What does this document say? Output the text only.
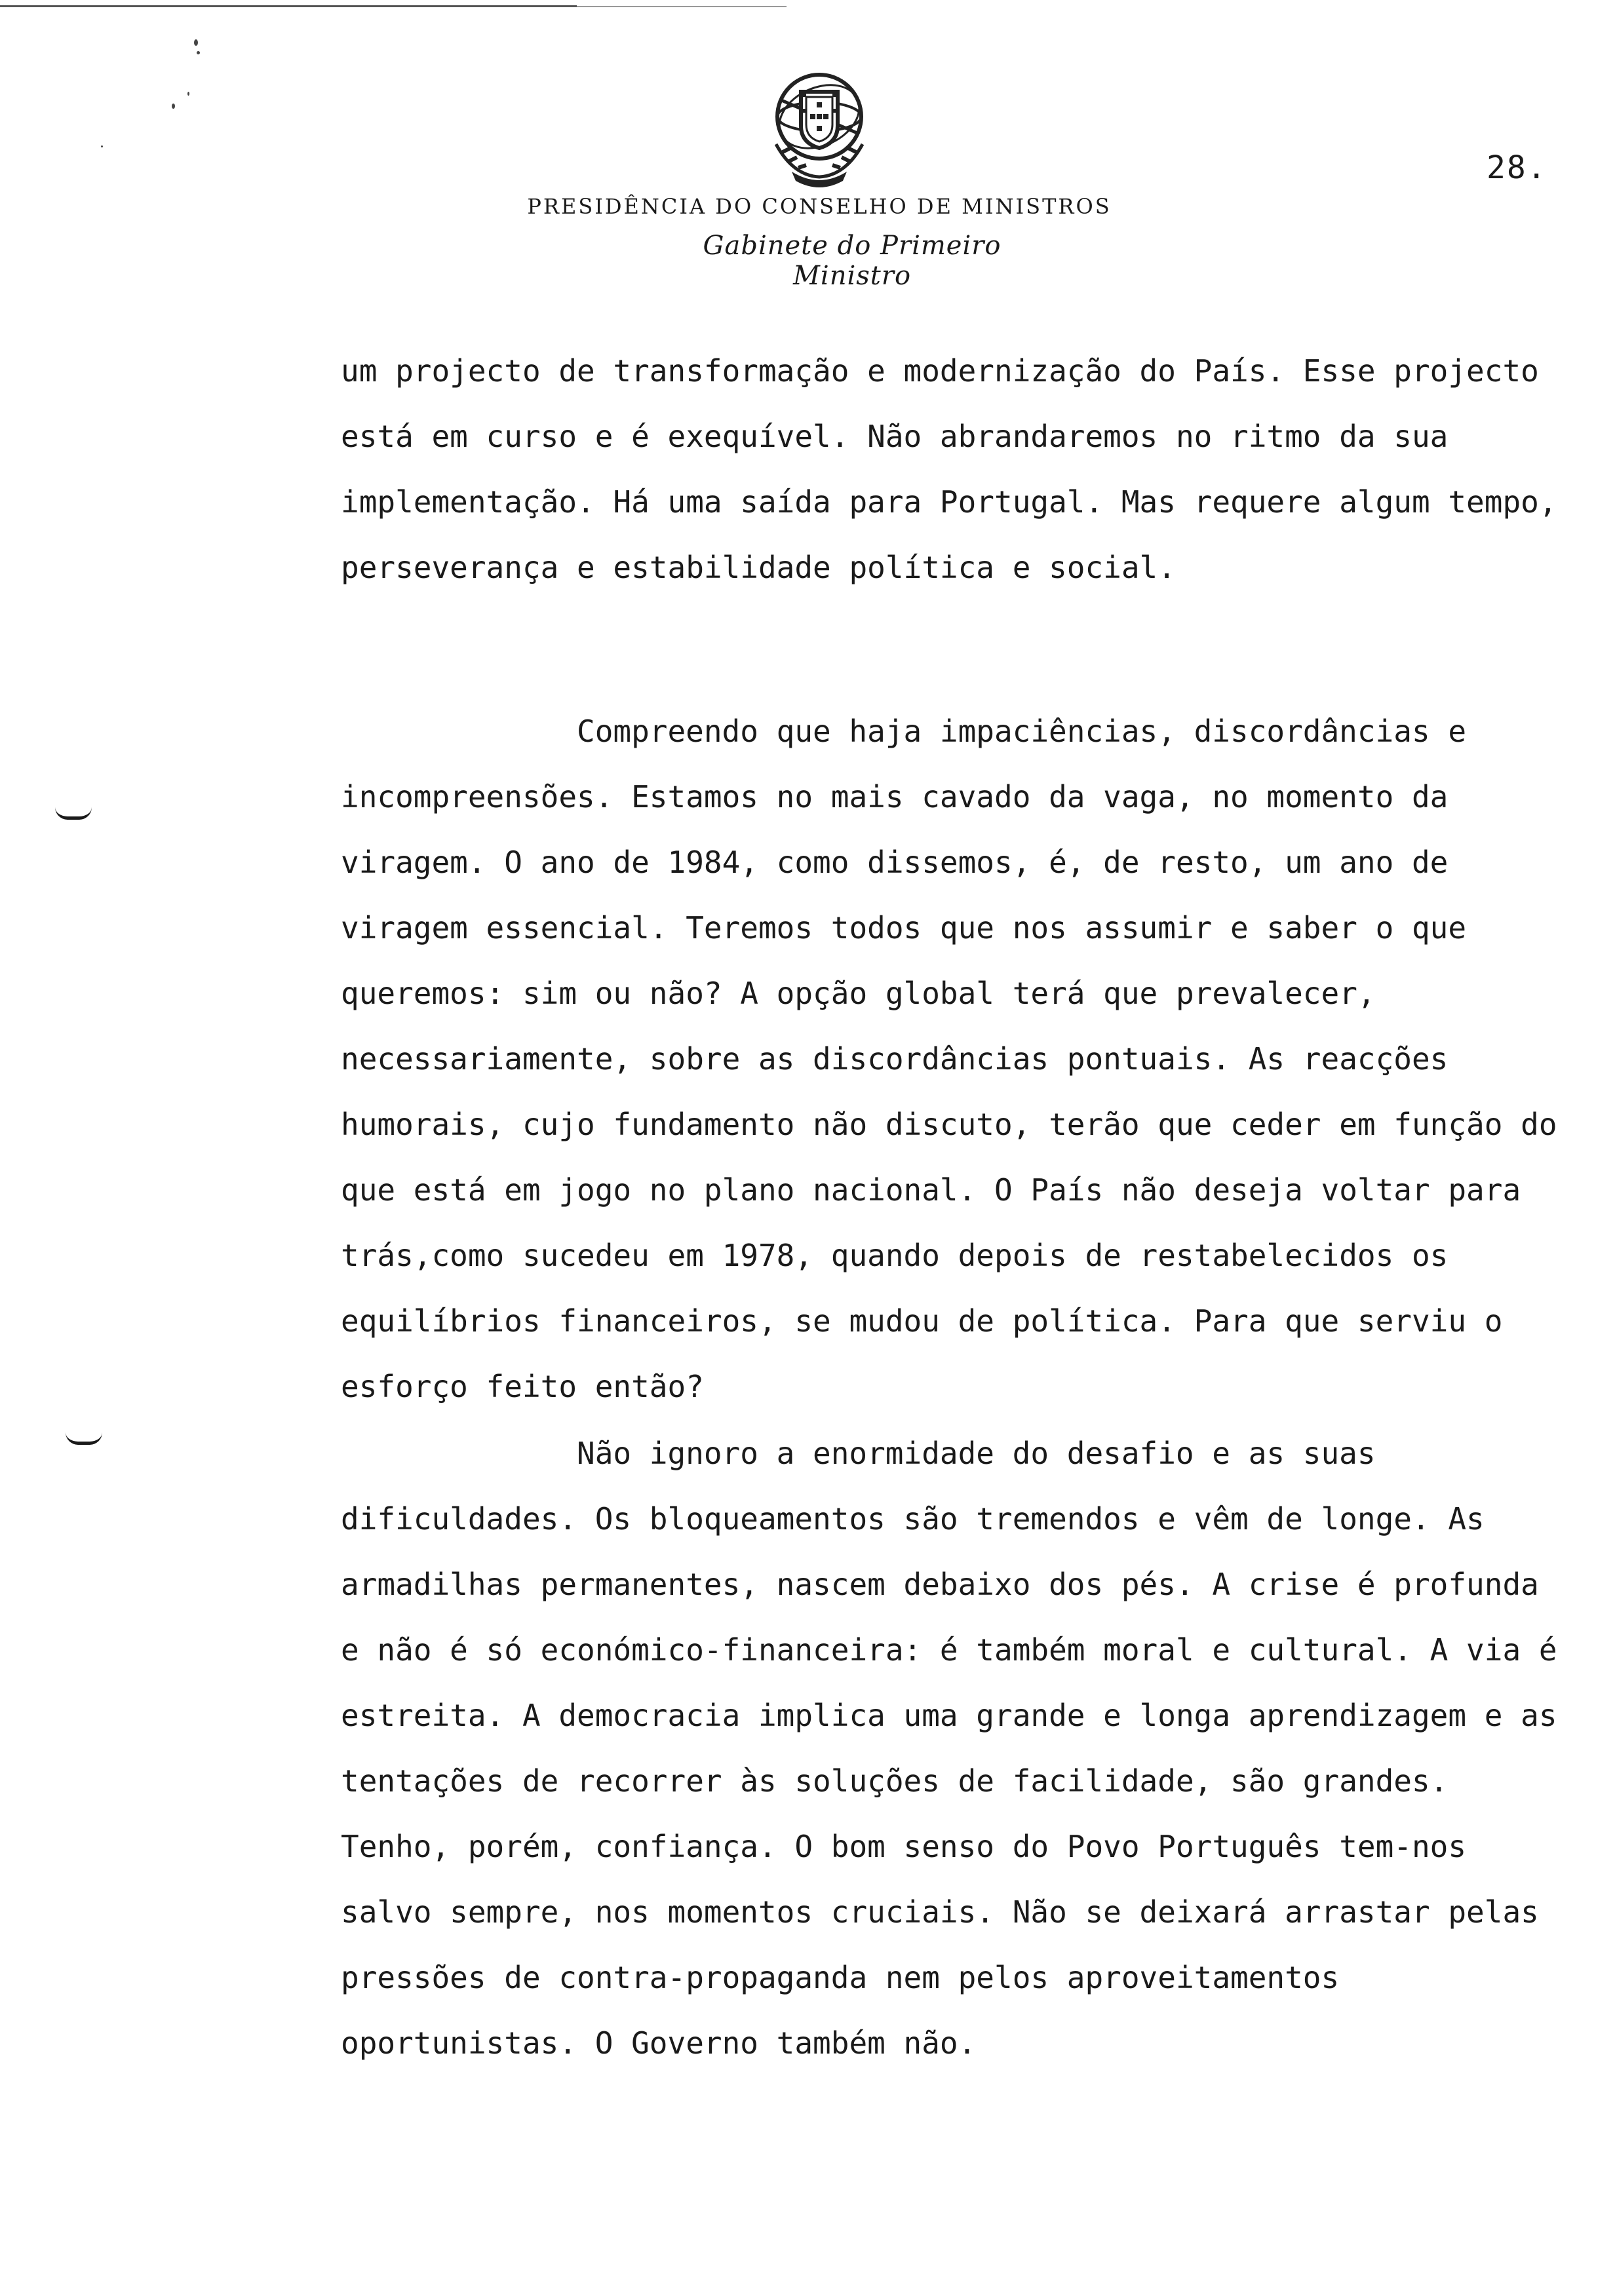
28.
PRESIDÊNCIA DO CONSELHO DE MINISTROS
Gabinete do Primeiro Ministro

um projecto de transformação e modernização do País. Esse projecto está em curso e é exequível. Não abrandaremos no ritmo da sua implementação. Há uma saída para Portugal. Mas requere algum tempo, perseverança e estabilidade política e social.

Compreendo que haja impaciências, discordâncias e incompreensões. Estamos no mais cavado da vaga, no momento da viragem. O ano de 1984, como dissemos, é, de resto, um ano de viragem essencial. Teremos todos que nos assumir e saber o que queremos: sim ou não? A opção global terá que prevalecer, necessariamente, sobre as discordâncias pontuais. As reacções humorais, cujo fundamento não discuto, terão que ceder em função do que está em jogo no plano nacional. O País não deseja voltar para trás,como sucedeu em 1978, quando depois de restabelecidos os equilíbrios financeiros, se mudou de política. Para que serviu o esforço feito então?

Não ignoro a enormidade do desafio e as suas dificuldades. Os bloqueamentos são tremendos e vêm de longe. As armadilhas permanentes, nascem debaixo dos pés. A crise é profunda e não é só económico-financeira: é também moral e cultural. A via é estreita. A democracia implica uma grande e longa aprendizagem e as tentações de recorrer às soluções de facilidade, são grandes. Tenho, porém, confiança. O bom senso do Povo Português tem-nos salvo sempre, nos momentos cruciais. Não se deixará arrastar pelas pressões de contra-propaganda nem pelos aproveitamentos oportunistas. O Governo também não.
